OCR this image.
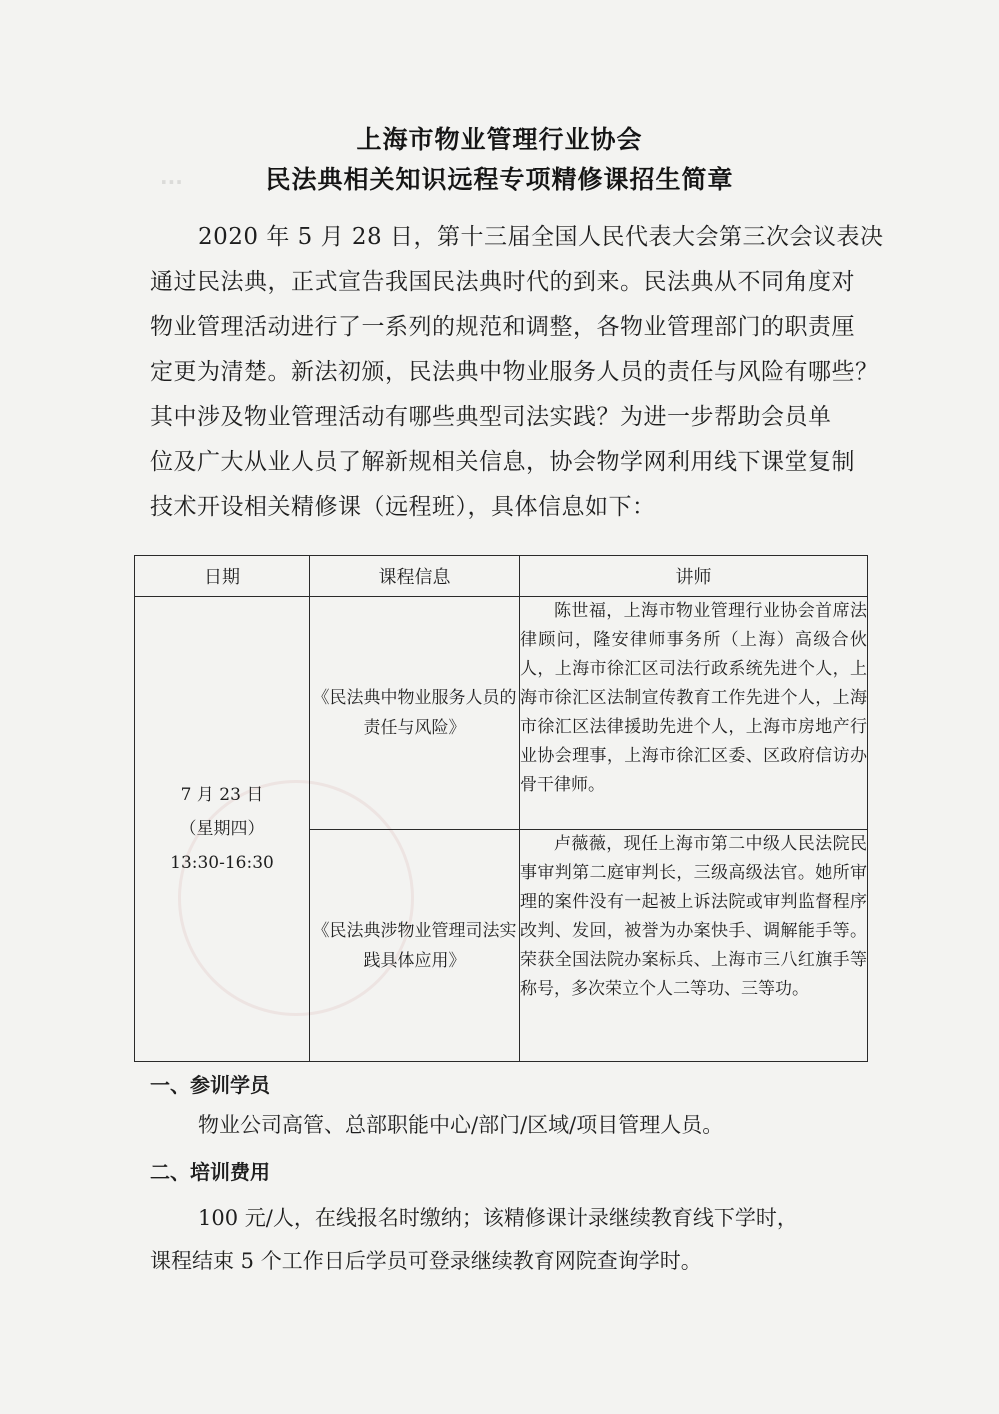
···
上海市物业管理行业协会
民法典相关知识远程专项精修课招生简章
2020 年 5 月 28 日，第十三届全国人民代表大会第三次会议表决
通过民法典，正式宣告我国民法典时代的到来。民法典从不同角度对
物业管理活动进行了一系列的规范和调整，各物业管理部门的职责厘
定更为清楚。新法初颁，民法典中物业服务人员的责任与风险有哪些？
其中涉及物业管理活动有哪些典型司法实践？为进一步帮助会员单
位及广大从业人员了解新规相关信息，协会物学网利用线下课堂复制
技术开设相关精修课（远程班），具体信息如下：
日期	课程信息	讲师

7 月 23 日
（星期四）
13:30-16:30	《民法典中物业服务人员的责任与风险》	陈世福，上海市物业管理行业协会首席法律顾问，隆安律师事务所（上海）高级合伙人，上海市徐汇区司法行政系统先进个人，上海市徐汇区法制宣传教育工作先进个人，上海市徐汇区法律援助先进个人，上海市房地产行业协会理事，上海市徐汇区委、区政府信访办骨干律师。

	《民法典涉物业管理司法实践具体应用》	卢薇薇，现任上海市第二中级人民法院民事审判第二庭审判长，三级高级法官。她所审理的案件没有一起被上诉法院或审判监督程序改判、发回，被誉为办案快手、调解能手等。荣获全国法院办案标兵、上海市三八红旗手等称号，多次荣立个人二等功、三等功。
一、参训学员
物业公司高管、总部职能中心/部门/区域/项目管理人员。
二、培训费用
100 元/人，在线报名时缴纳；该精修课计录继续教育线下学时，
课程结束 5 个工作日后学员可登录继续教育网院查询学时。
